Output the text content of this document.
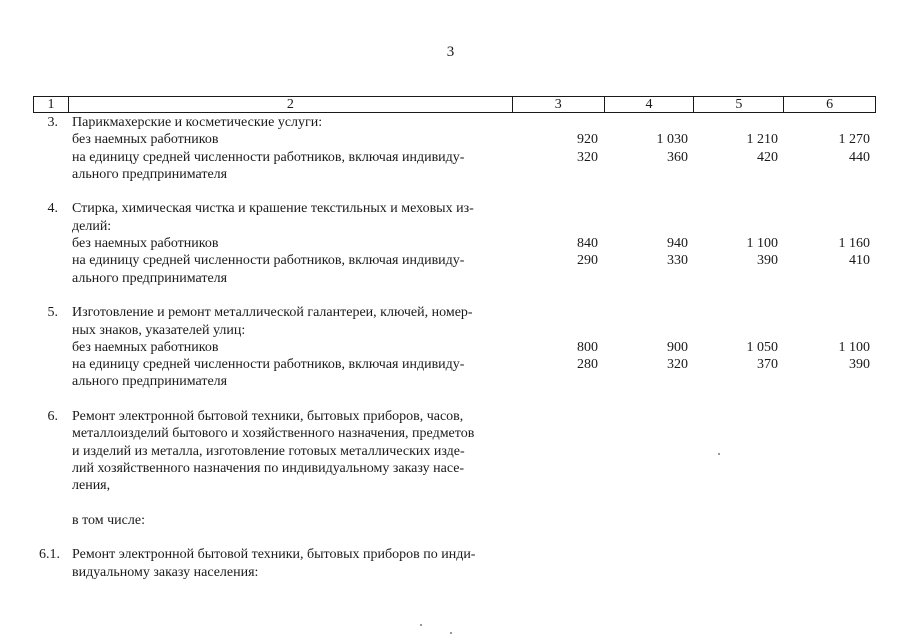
3
1	2	3	4	5	6
3. Парикмахерские и косметические услуги:
без наемных работников	920	1 030	1 210	1 270
на единицу средней численности работников, включая индивиду-	320	360	420	440
ального предпринимателя
4. Стирка, химическая чистка и крашение текстильных и меховых из-
делий:
без наемных работников	840	940	1 100	1 160
на единицу средней численности работников, включая индивиду-	290	330	390	410
ального предпринимателя
5. Изготовление и ремонт металлической галантереи, ключей, номер-
ных знаков, указателей улиц:
без наемных работников	800	900	1 050	1 100
на единицу средней численности работников, включая индивиду-	280	320	370	390
ального предпринимателя
6. Ремонт электронной бытовой техники, бытовых приборов, часов,
металлоизделий бытового и хозяйственного назначения, предметов
и изделий из металла, изготовление готовых металлических изде-
лий хозяйственного назначения по индивидуальному заказу насе-
ления,
в том числе:
6.1. Ремонт электронной бытовой техники, бытовых приборов по инди-
видуальному заказу населения:
